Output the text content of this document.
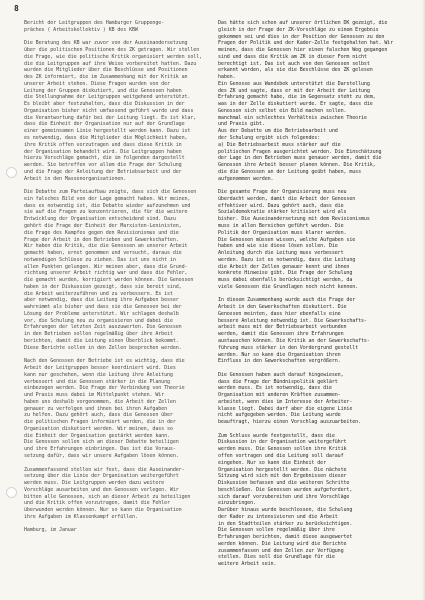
8
Bericht der Leitgruppen des Hamburger Gruppenge-
präches ( Arbeitskollektiv ) KB des KBW
Die Beratung des KB war zuvor von der Auseinandersetzung
über die politischen Positionen des ZK getragen. Wir stellen
die Frage, wie die politische Kritik organisiert werden soll,
die die Leitgruppen auf ihre Weise vorbereitet hatten. Dazu
wurden die Mitglieder über die Beschlüsse und Positionen
des ZK informiert, die im Zusammenhang mit der Kritik an
unserer Arbeit stehen. Diese Fragen wurden von der
Leitung der Gruppen diskutiert, und die Genossen haben
die Stellungnahme der Leitgruppen weitgehend unterstützt.
Es bleibt aber festzuhalten, dass die Diskussion in der
Organisation bisher nicht umfassend geführt wurde und dass
die Verantwortung dafür bei der Leitung liegt. Es ist klar,
dass die Einheit der Organisation nur auf der Grundlage
einer gemeinsamen Linie hergestellt werden kann. Dazu ist
es notwendig, dass die Mitglieder die Möglichkeit haben,
ihre Kritik offen vorzutragen und dass diese Kritik in
der Organisation behandelt wird. Die Leitgruppen haben
hierzu Vorschläge gemacht, die im folgenden dargestellt
werden. Sie betreffen vor allem die Frage der Schulung
und die Frage der Anleitung der Betriebsarbeit und der
Arbeit in den Massenorganisationen.
Die Debatte zum Parteiaufbau zeigte, dass sich die Genossen
ein falsches Bild von der Lage gemacht haben. Wir meinen,
dass es notwendig ist, die Debatte wieder aufzunehmen und
sie auf die Fragen zu konzentrieren, die für die weitere
Entwicklung der Organisation entscheidend sind. Dazu
gehört die Frage der Einheit der Marxisten-Leninisten,
die Frage des Kampfes gegen den Revisionismus und die
Frage der Arbeit in den Betrieben und Gewerkschaften.
Wir haben die Kritik, die die Genossen an unserer Arbeit
gemacht haben, ernst genommen und versucht, daraus die
notwendigen Schlüsse zu ziehen. Das ist uns nicht in
allen Punkten gelungen. Wir meinen aber, dass die Grund-
richtung unserer Arbeit richtig war und dass die Fehler,
die gemacht wurden, korrigiert werden können. Die Genossen
haben in der Diskussion gezeigt, dass sie bereit sind,
die Arbeit weiterzuführen und zu verbessern. Es ist
aber notwendig, dass die Leitung ihre Aufgaben besser
wahrnimmt als bisher und dass sie die Genossen bei der
Lösung der Probleme unterstützt. Wir schlagen deshalb
vor, die Schulung neu zu organisieren und dabei die
Erfahrungen der letzten Zeit auszuwerten. Die Genossen
in den Betrieben sollen regelmäßig über ihre Arbeit
berichten, damit die Leitung einen Überblick bekommt.
Diese Berichte sollen in den Zellen besprochen werden.
Nach den Genossen der Betriebe ist es wichtig, dass die
Arbeit der Leitgruppen besser koordiniert wird. Dies
kann nur geschehen, wenn die Leitung ihre Anleitung
verbessert und die Genossen stärker in die Planung
einbezogen werden. Die Frage der Verbindung von Theorie
und Praxis muss dabei im Mittelpunkt stehen. Wir
haben uns deshalb vorgenommen, die Arbeit der Zellen
genauer zu verfolgen und ihnen bei ihren Aufgaben
zu helfen. Dazu gehört auch, dass die Genossen über
die politischen Fragen informiert werden, die in der
Organisation diskutiert werden. Wir meinen, dass so
die Einheit der Organisation gestärkt werden kann.
Die Genossen sollen sich an dieser Debatte beteiligen
und ihre Erfahrungen einbringen. Das ist die Voraus-
setzung dafür, dass wir unsere Aufgaben lösen können.
Zusammenfassend stellen wir fest, dass die Auseinander-
setzung über die Linie der Organisation weitergeführt
werden muss. Die Leitgruppen werden dazu weitere
Vorschläge ausarbeiten und den Genossen vorlegen. Wir
bitten alle Genossen, sich an dieser Arbeit zu beteiligen
und die Kritik offen vorzutragen, damit die Fehler
überwunden werden können. Nur so kann die Organisation
ihre Aufgaben im Klassenkampf erfüllen.
Hamburg, im Januar
Das hätte sich schon auf unserer örtlichen DK gezeigt, die
gleich in der Frage der ZK-Vorschläge zu einem Ergebnis
gekommen sei und dies in der Position der Genossen zu den
Fragen der Politik und der Kader-Zelle festgehalten hat. Wir
meinen, dass die Genossen hier einen falschen Weg gegangen
sind und dass die Kritik am ZK in dieser Form nicht
berechtigt ist. Das ist auch von den Genossen selbst
erkannt worden, als sie die Beschlüsse des ZK gelesen
haben.
Ein Genosse aus Wandsbek unterstützt die Darstellung
des ZK und sagte, dass er mit der Arbeit der Leitung
Erfahrung gemacht habe, die im Gegensatz steht zu dem,
was in der Zelle diskutiert wurde. Er sagte, dass die
Genossen sich selbst ein Bild machen sollen.
manchmal ein schlechtes Verhältnis zwischen Theorie
und Praxis gibt.
Aus der Debatte um die Betriebsarbeit und
der Schulung ergibt sich folgendes:
a) Die Betriebsarbeit muss stärker auf die
politischen Fragen ausgerichtet werden. Die Einschätzung
der Lage in den Betrieben muss genauer werden, damit die
Genossen ihre Arbeit besser planen können. Die Kritik,
die die Genossen an der Leitung geübt haben, muss
aufgenommen werden.
Die gesamte Frage der Organisierung muss neu
überdacht werden, damit die Arbeit der Genossen
effektiver wird. Dazu gehört auch, dass die
Sozialdemokratie stärker kritisiert wird als
bisher. Die Auseinandersetzung mit dem Revisionismus
muss in allen Bereichen geführt werden. Die
Politik der Organisation muss klarer werden.
Die Genossen müssen wissen, welche Aufgaben sie
haben und wie sie diese lösen sollen. Die
Anleitung durch die Leitung muss verbessert
werden. Dazu ist es notwendig, dass die Leitung
die Arbeit der Zellen genauer kennt und ihnen
konkrete Hinweise gibt. Die Frage der Schulung
muss dabei ebenfalls berücksichtigt werden, da
viele Genossen die Grundlagen noch nicht kennen.
In diesem Zusammenhang wurde auch die Frage der
Arbeit in den Gewerkschaften diskutiert. Die
Genossen meinten, dass hier ebenfalls eine
bessere Anleitung notwendig ist. Die Gewerkschafts-
arbeit muss mit der Betriebsarbeit verbunden
werden, damit die Genossen ihre Erfahrungen
austauschen können. Die Kritik an der Gewerkschafts-
führung muss stärker in den Vordergrund gestellt
werden. Nur so kann die Organisation ihren
Einfluss in den Gewerkschaften vergrößern.
Die Genossen haben auch darauf hingewiesen,
dass die Frage der Bündnispolitik geklärt
werden muss. Es ist notwendig, dass die
Organisation mit anderen Kräften zusammen-
arbeitet, wenn dies im Interesse der Arbeiter-
klasse liegt. Dabei darf aber die eigene Linie
nicht aufgegeben werden. Die Leitung wurde
beauftragt, hierzu einen Vorschlag auszuarbeiten.
Zum Schluss wurde festgestellt, dass die
Diskussion in der Organisation weitergeführt
werden muss. Die Genossen sollen ihre Kritik
offen vortragen und die Leitung soll darauf
eingehen. Nur so kann die Einheit der
Organisation hergestellt werden. Die nächste
Sitzung wird sich mit den Ergebnissen dieser
Diskussion befassen und die weiteren Schritte
beschließen. Die Genossen wurden aufgefordert,
sich darauf vorzubereiten und ihre Vorschläge
einzubringen.
Darüber hinaus wurde beschlossen, die Schulung
der Kader zu intensivieren und die Arbeit
in den Stadtteilen stärker zu berücksichtigen.
Die Genossen sollen regelmäßig über ihre
Erfahrungen berichten, damit diese ausgewertet
werden können. Die Leitung wird die Berichte
zusammenfassen und den Zellen zur Verfügung
stellen. Dies soll die Grundlage für die
weitere Arbeit sein.
